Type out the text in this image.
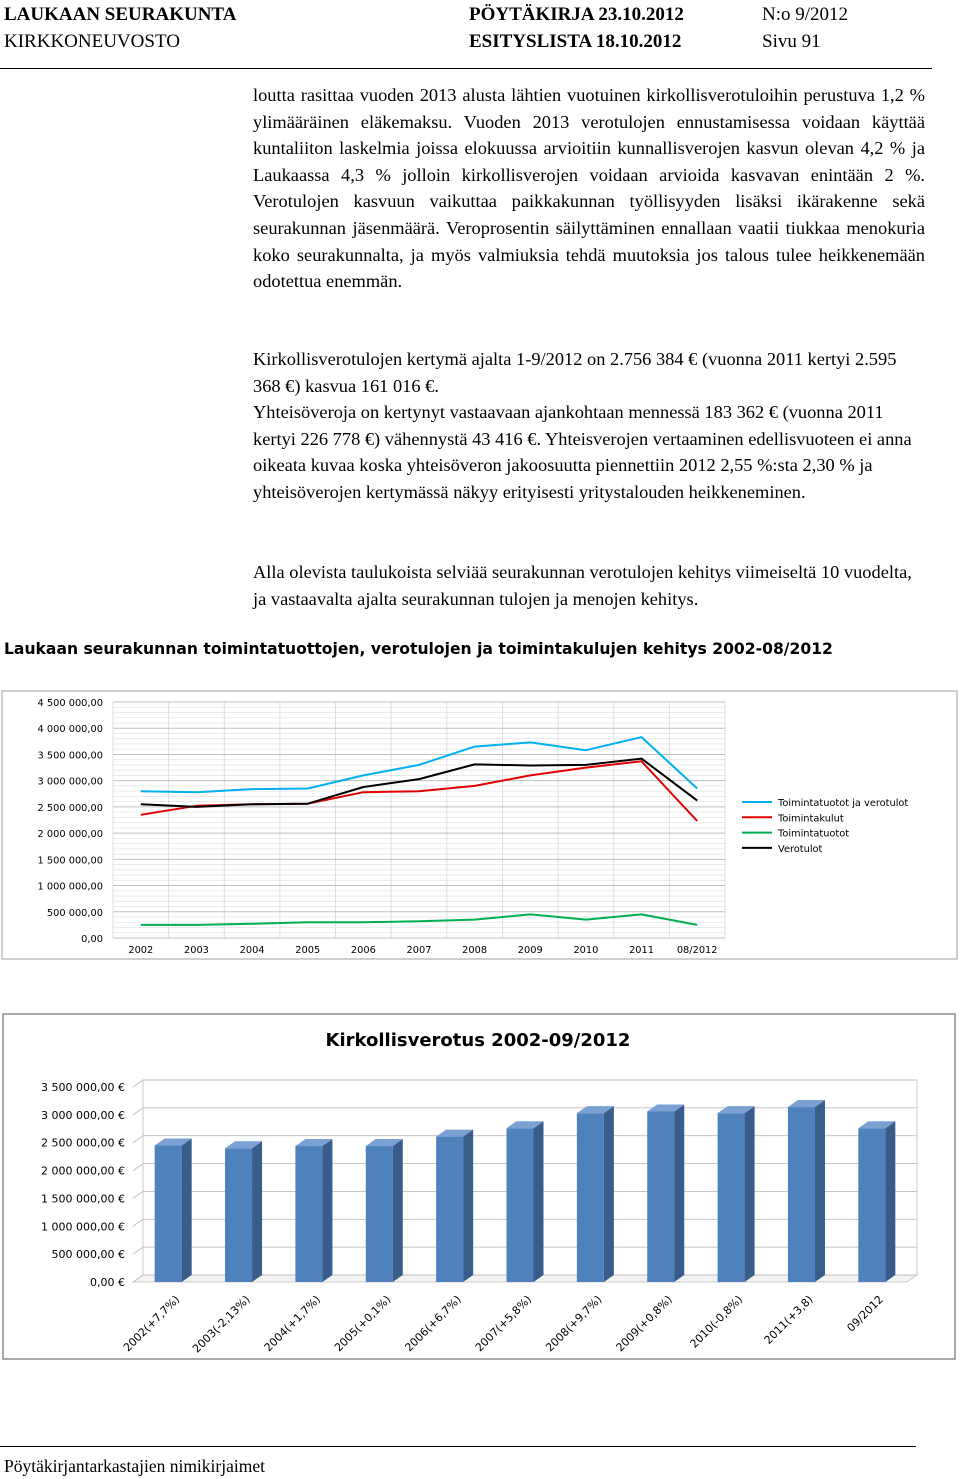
LAUKAAN SEURAKUNTA
KIRKKONEUVOSTO
PÖYTÄKIRJA 23.10.2012
ESITYSLISTA 18.10.2012
N:o 9/2012
Sivu 91

loutta rasittaa vuoden 2013 alusta lähtien vuotuinen kirkollisverotuloihin perustuva 1,2 % ylimääräinen eläkemaksu. Vuoden 2013 verotulojen ennustamisessa voidaan käyttää kuntaliiton laskelmia joissa elokuussa arvioitiin kunnallisverojen kasvun olevan 4,2 % ja Laukaassa 4,3 % jolloin kirkollisverojen voidaan arvioida kasvavan enintään 2 %. Verotulojen kasvuun vaikuttaa paikkakunnan työllisyyden lisäksi ikärakenne sekä seurakunnan jäsenmäärä. Veroprosentin säilyttäminen ennallaan vaatii tiukkaa menokuria koko seurakunnalta, ja myös valmiuksia tehdä muutoksia jos talous tulee heikkenemään odotettua enemmän.

Kirkollisverotulojen kertymä ajalta 1-9/2012 on 2.756 384 € (vuonna 2011 kertyi 2.595 368 €) kasvua 161 016 €.

Yhteisöveroja on kertynyt vastaavaan ajankohtaan mennessä 183 362 € (vuonna 2011 kertyi 226 778 €) vähennystä 43 416 €. Yhteisverojen vertaaminen edellisvuoteen ei anna oikeata kuvaa koska yhteisöveron jakoosuutta piennettiin 2012 2,55 %:sta 2,30 % ja yhteisöverojen kertymässä näkyy erityisesti yritystalouden heikkeneminen.

Alla olevista taulukoista selviää seurakunnan verotulojen kehitys viimeiseltä 10 vuodelta, ja vastaavalta ajalta seurakunnan tulojen ja menojen kehitys.

Laukaan seurakunnan toimintatuottojen, verotulojen ja toimintakulujen kehitys 2002-08/2012
0,00
500 000,00
1 000 000,00
1 500 000,00
2 000 000,00
2 500 000,00
3 000 000,00
3 500 000,00
4 000 000,00
4 500 000,00
2002	2003	2004	2005	2006	2007	2008	2009	2010	2011 08/2012
Toimintatuotot ja verotulot
Toimintakulut
Toimintatuotot
Verotulot
Kirkollisverotus 2002-09/2012
0,00 €
500 000,00 €
1 000 000,00 €
1 500 000,00 €
2 000 000,00 €
2 500 000,00 €
3 000 000,00 €
3 500 000,00 €
2002(+7,7%) 2003(-2,13%) 2004(+1,7%) 2005(+0,1%) 2006(+6,7%) 2007(+5,8%) 2008(+9,7%) 2009(+0,8%) 2010(-0,8%) 2011(+3,8)	09/2012
Pöytäkirjantarkastajien nimikirjaimet
